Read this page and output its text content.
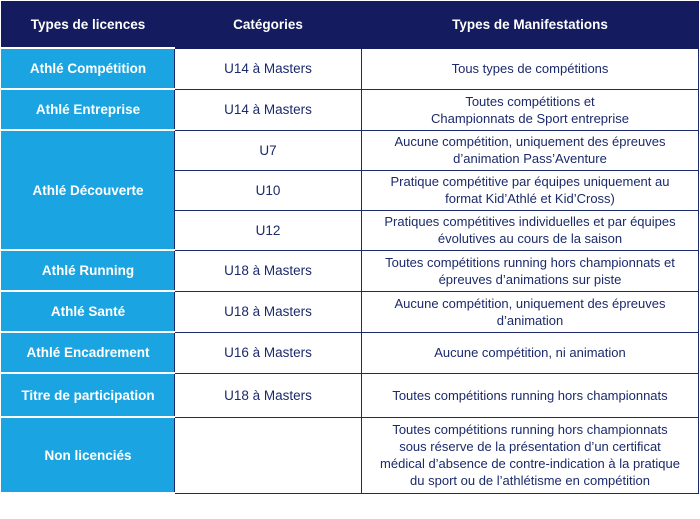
Types de licences	Catégories	Types de Manifestations
Athlé Compétition	U14 à Masters	Tous types de compétitions

Athlé Entreprise	U14 à Masters	Toutes compétitions et
Championnats de Sport entreprise

Athlé Découverte	U7	Aucune compétition, uniquement des épreuves
d’animation Pass’Aventure

	U10	Pratique compétitive par équipes uniquement au
format Kid’Athlé et Kid’Cross)

	U12	Pratiques compétitives individuelles et par équipes
évolutives au cours de la saison

Athlé Running	U18 à Masters	Toutes compétitions running hors championnats et
épreuves d’animations sur piste

Athlé Santé	U18 à Masters	Aucune compétition, uniquement des épreuves
d’animation

Athlé Encadrement	U16 à Masters	Aucune compétition, ni animation

Titre de participation	U18 à Masters	Toutes compétitions running hors championnats

Non licenciés		Toutes compétitions running hors championnats
sous réserve de la présentation d’un certificat
médical d’absence de contre-indication à la pratique
du sport ou de l’athlétisme en compétition
